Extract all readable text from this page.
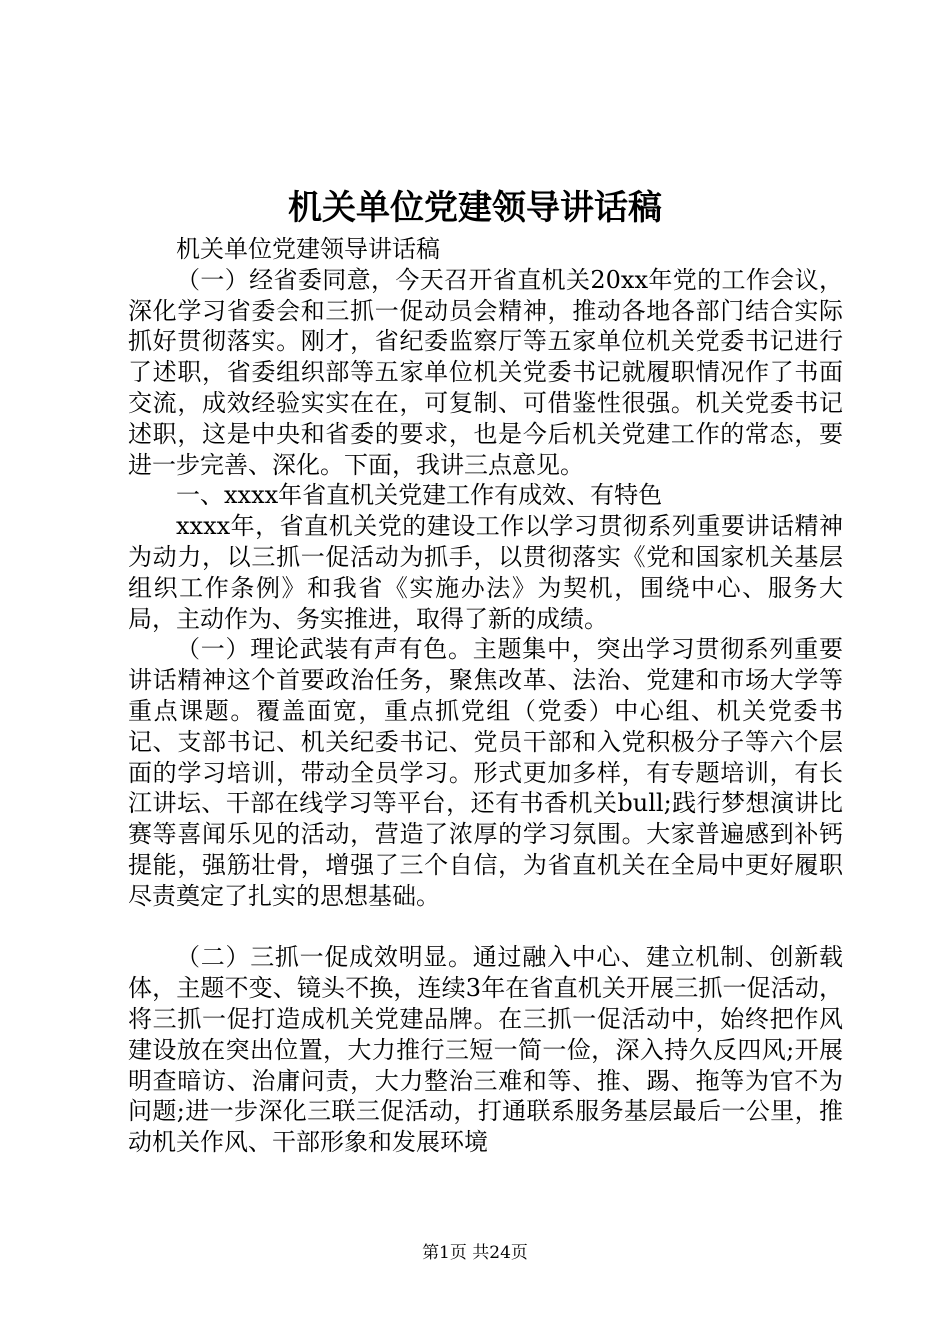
机关单位党建领导讲话稿

机关单位党建领导讲话稿

（一）经省委同意，今天召开省直机关20xx年党的工作会议，深化学习省委会和三抓一促动员会精神，推动各地各部门结合实际抓好贯彻落实。刚才，省纪委监察厅等五家单位机关党委书记进行了述职，省委组织部等五家单位机关党委书记就履职情况作了书面交流，成效经验实实在在，可复制、可借鉴性很强。机关党委书记述职，这是中央和省委的要求，也是今后机关党建工作的常态，要进一步完善、深化。下面，我讲三点意见。

一、xxxx年省直机关党建工作有成效、有特色

xxxx年，省直机关党的建设工作以学习贯彻系列重要讲话精神为动力，以三抓一促活动为抓手，以贯彻落实《党和国家机关基层组织工作条例》和我省《实施办法》为契机，围绕中心、服务大局，主动作为、务实推进，取得了新的成绩。

（一）理论武装有声有色。主题集中，突出学习贯彻系列重要讲话精神这个首要政治任务，聚焦改革、法治、党建和市场大学等重点课题。覆盖面宽，重点抓党组（党委）中心组、机关党委书记、支部书记、机关纪委书记、党员干部和入党积极分子等六个层面的学习培训，带动全员学习。形式更加多样，有专题培训，有长江讲坛、干部在线学习等平台，还有书香机关bull;践行梦想演讲比赛等喜闻乐见的活动，营造了浓厚的学习氛围。大家普遍感到补钙提能，强筋壮骨，增强了三个自信，为省直机关在全局中更好履职尽责奠定了扎实的思想基础。

（二）三抓一促成效明显。通过融入中心、建立机制、创新载体，主题不变、镜头不换，连续3年在省直机关开展三抓一促活动，将三抓一促打造成机关党建品牌。在三抓一促活动中，始终把作风建设放在突出位置，大力推行三短一简一俭，深入持久反四风;开展明查暗访、治庸问责，大力整治三难和等、推、踢、拖等为官不为问题;进一步深化三联三促活动，打通联系服务基层最后一公里，推动机关作风、干部形象和发展环境

第1页 共24页
